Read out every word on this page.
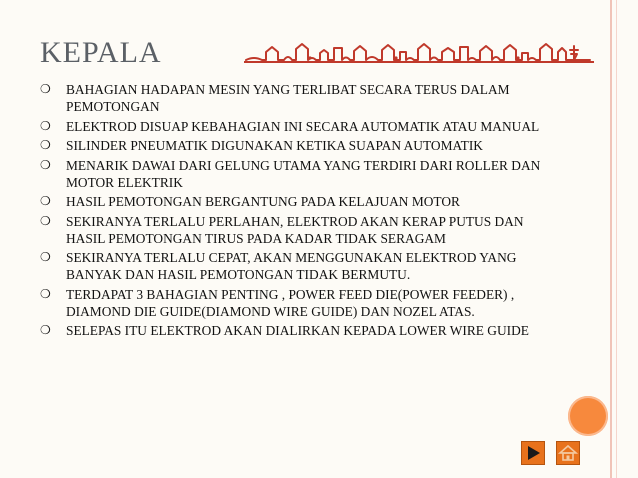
KEPALA
❍ BAHAGIAN HADAPAN MESIN YANG TERLIBAT SECARA TERUS DALAM PEMOTONGAN
❍ ELEKTROD DISUAP KEBAHAGIAN INI SECARA AUTOMATIK ATAU MANUAL
❍ SILINDER PNEUMATIK DIGUNAKAN KETIKA SUAPAN AUTOMATIK
❍ MENARIK DAWAI DARI GELUNG UTAMA YANG TERDIRI DARI ROLLER DAN MOTOR ELEKTRIK
❍ HASIL PEMOTONGAN BERGANTUNG PADA KELAJUAN MOTOR
❍ SEKIRANYA TERLALU PERLAHAN, ELEKTROD AKAN KERAP PUTUS DAN HASIL PEMOTONGAN TIRUS PADA KADAR TIDAK SERAGAM
❍ SEKIRANYA TERLALU CEPAT, AKAN MENGGUNAKAN ELEKTROD YANG BANYAK DAN HASIL PEMOTONGAN TIDAK BERMUTU.
❍ TERDAPAT 3 BAHAGIAN PENTING , POWER FEED DIE(POWER FEEDER) , DIAMOND DIE GUIDE(DIAMOND WIRE GUIDE) DAN NOZEL ATAS.
❍ SELEPAS ITU ELEKTROD AKAN DIALIRKAN KEPADA LOWER WIRE GUIDE
